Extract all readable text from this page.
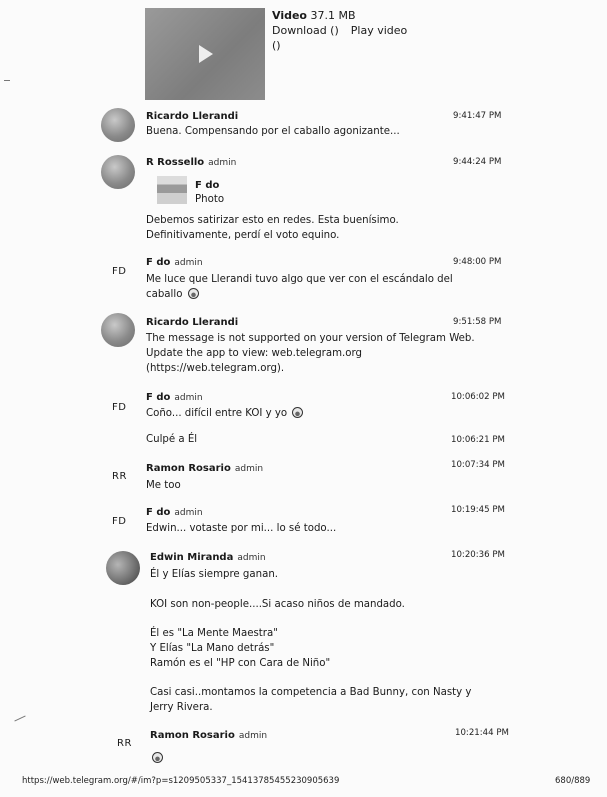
Video 37.1 MB
Download () Play video
()
Ricardo Llerandi	9:41:47 PM
Buena. Compensando por el caballo agonizante...
R Rossello admin	9:44:24 PM
F do
Photo
Debemos satirizar esto en redes. Esta buenísimo.
Definitivamente, perdí el voto equino.
FD
F do admin	9:48:00 PM
Me luce que Llerandi tuvo algo que ver con el escándalo del
caballo
Ricardo Llerandi	9:51:58 PM
The message is not supported on your version of Telegram Web.
Update the app to view: web.telegram.org
(https://web.telegram.org).
FD
F do admin	10:06:02 PM
Coño... difícil entre KOI y yo
Culpé a Él	10:06:21 PM
RR
Ramon Rosario admin	10:07:34 PM
Me too
FD
F do admin	10:19:45 PM
Edwin... votaste por mi... lo sé todo...
Edwin Miranda admin	10:20:36 PM
Él y Elías siempre ganan.
KOI son non-people....Si acaso niños de mandado.
Él es "La Mente Maestra"
Y Elías "La Mano detrás"
Ramón es el "HP con Cara de Niño"
Casi casi..montamos la competencia a Bad Bunny, con Nasty y
Jerry Rivera.
RR
Ramon Rosario admin	10:21:44 PM
https://web.telegram.org/#/im?p=s1209505337_15413785455230905639	680/889
